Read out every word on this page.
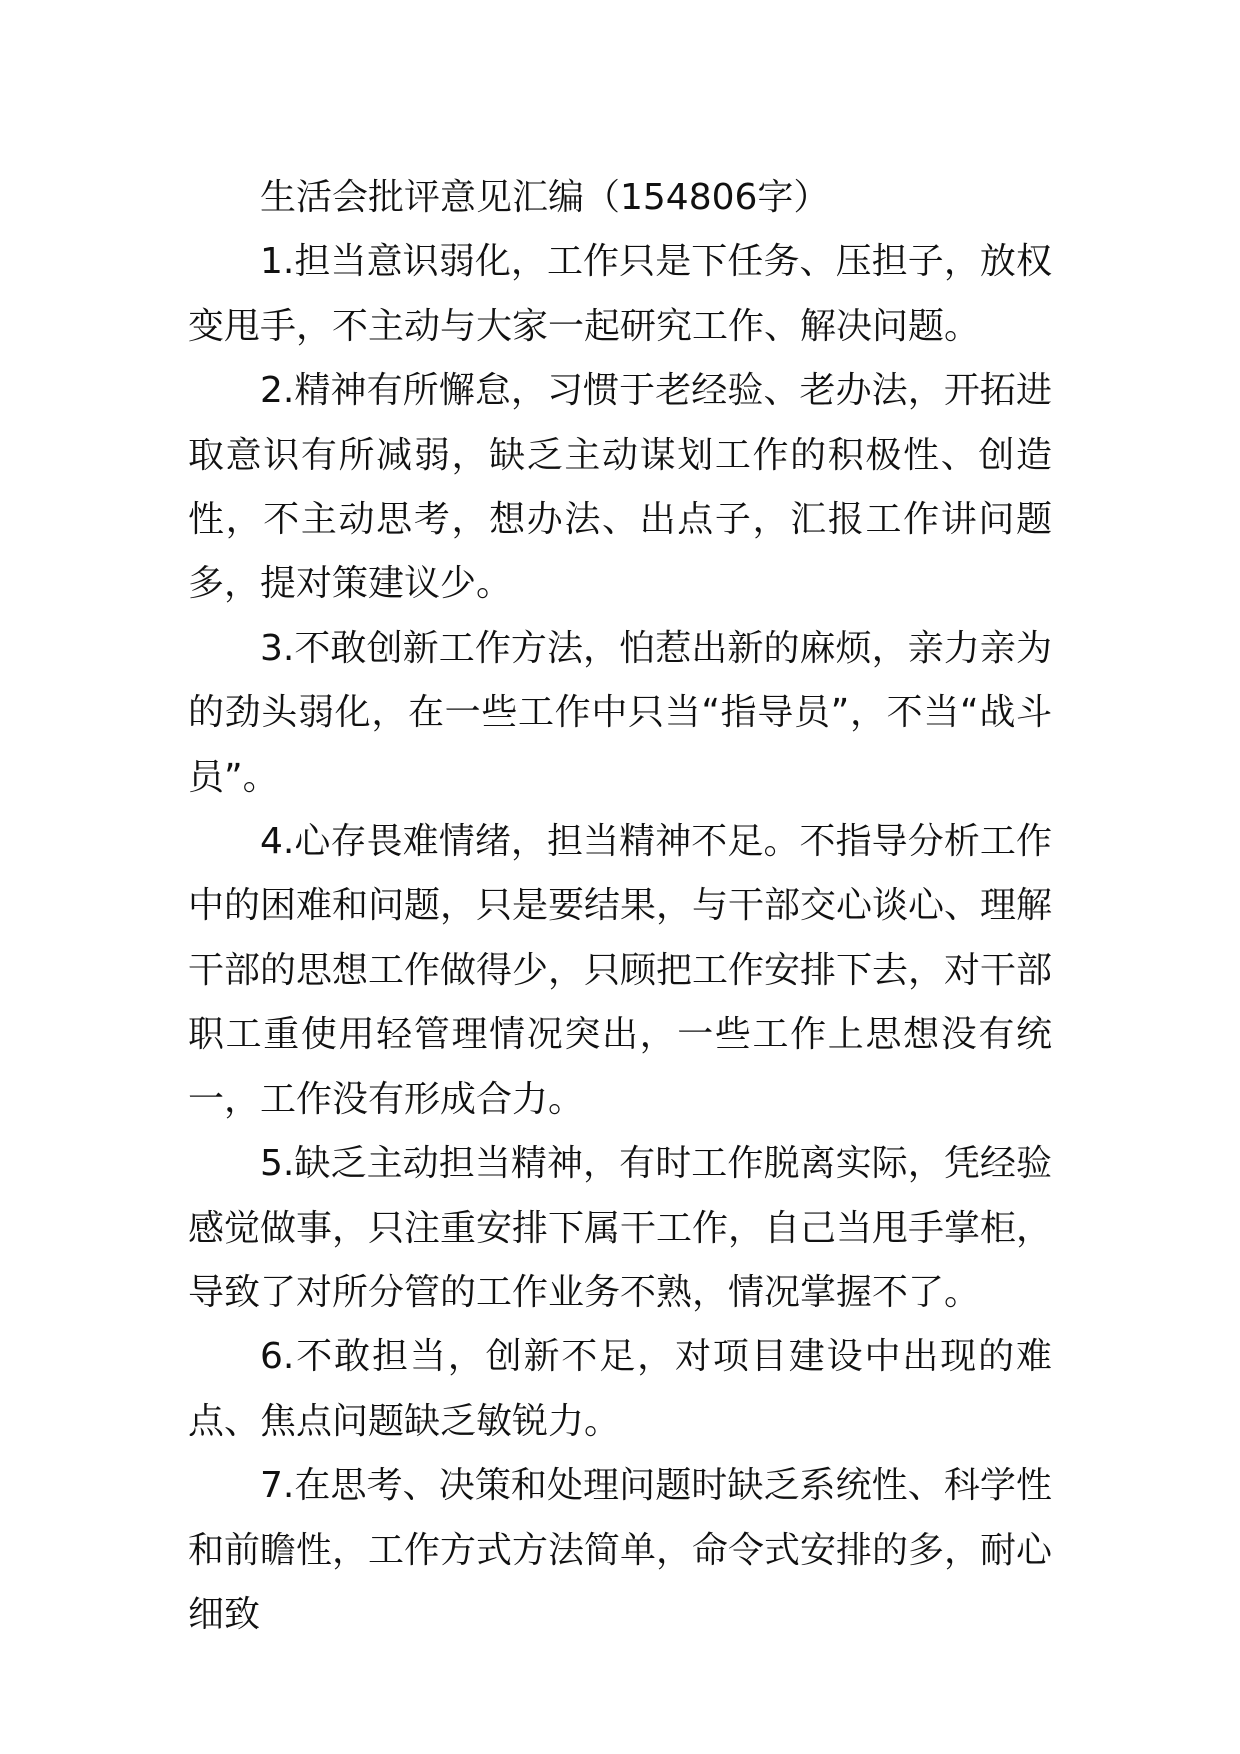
生活会批评意见汇编（154806字）

1.担当意识弱化，工作只是下任务、压担子，放权变甩手，不主动与大家一起研究工作、解决问题。

2.精神有所懈怠，习惯于老经验、老办法，开拓进取意识有所减弱，缺乏主动谋划工作的积极性、创造性，不主动思考，想办法、出点子，汇报工作讲问题多，提对策建议少。

3.不敢创新工作方法，怕惹出新的麻烦，亲力亲为的劲头弱化，在一些工作中只当“指导员”，不当“战斗员”。

4.心存畏难情绪，担当精神不足。不指导分析工作中的困难和问题，只是要结果，与干部交心谈心、理解干部的思想工作做得少，只顾把工作安排下去，对干部职工重使用轻管理情况突出，一些工作上思想没有统一，工作没有形成合力。

5.缺乏主动担当精神，有时工作脱离实际，凭经验感觉做事，只注重安排下属干工作，自己当甩手掌柜，导致了对所分管的工作业务不熟，情况掌握不了。

6.不敢担当，创新不足，对项目建设中出现的难点、焦点问题缺乏敏锐力。

7.在思考、决策和处理问题时缺乏系统性、科学性和前瞻性，工作方式方法简单，命令式安排的多，耐心细致
